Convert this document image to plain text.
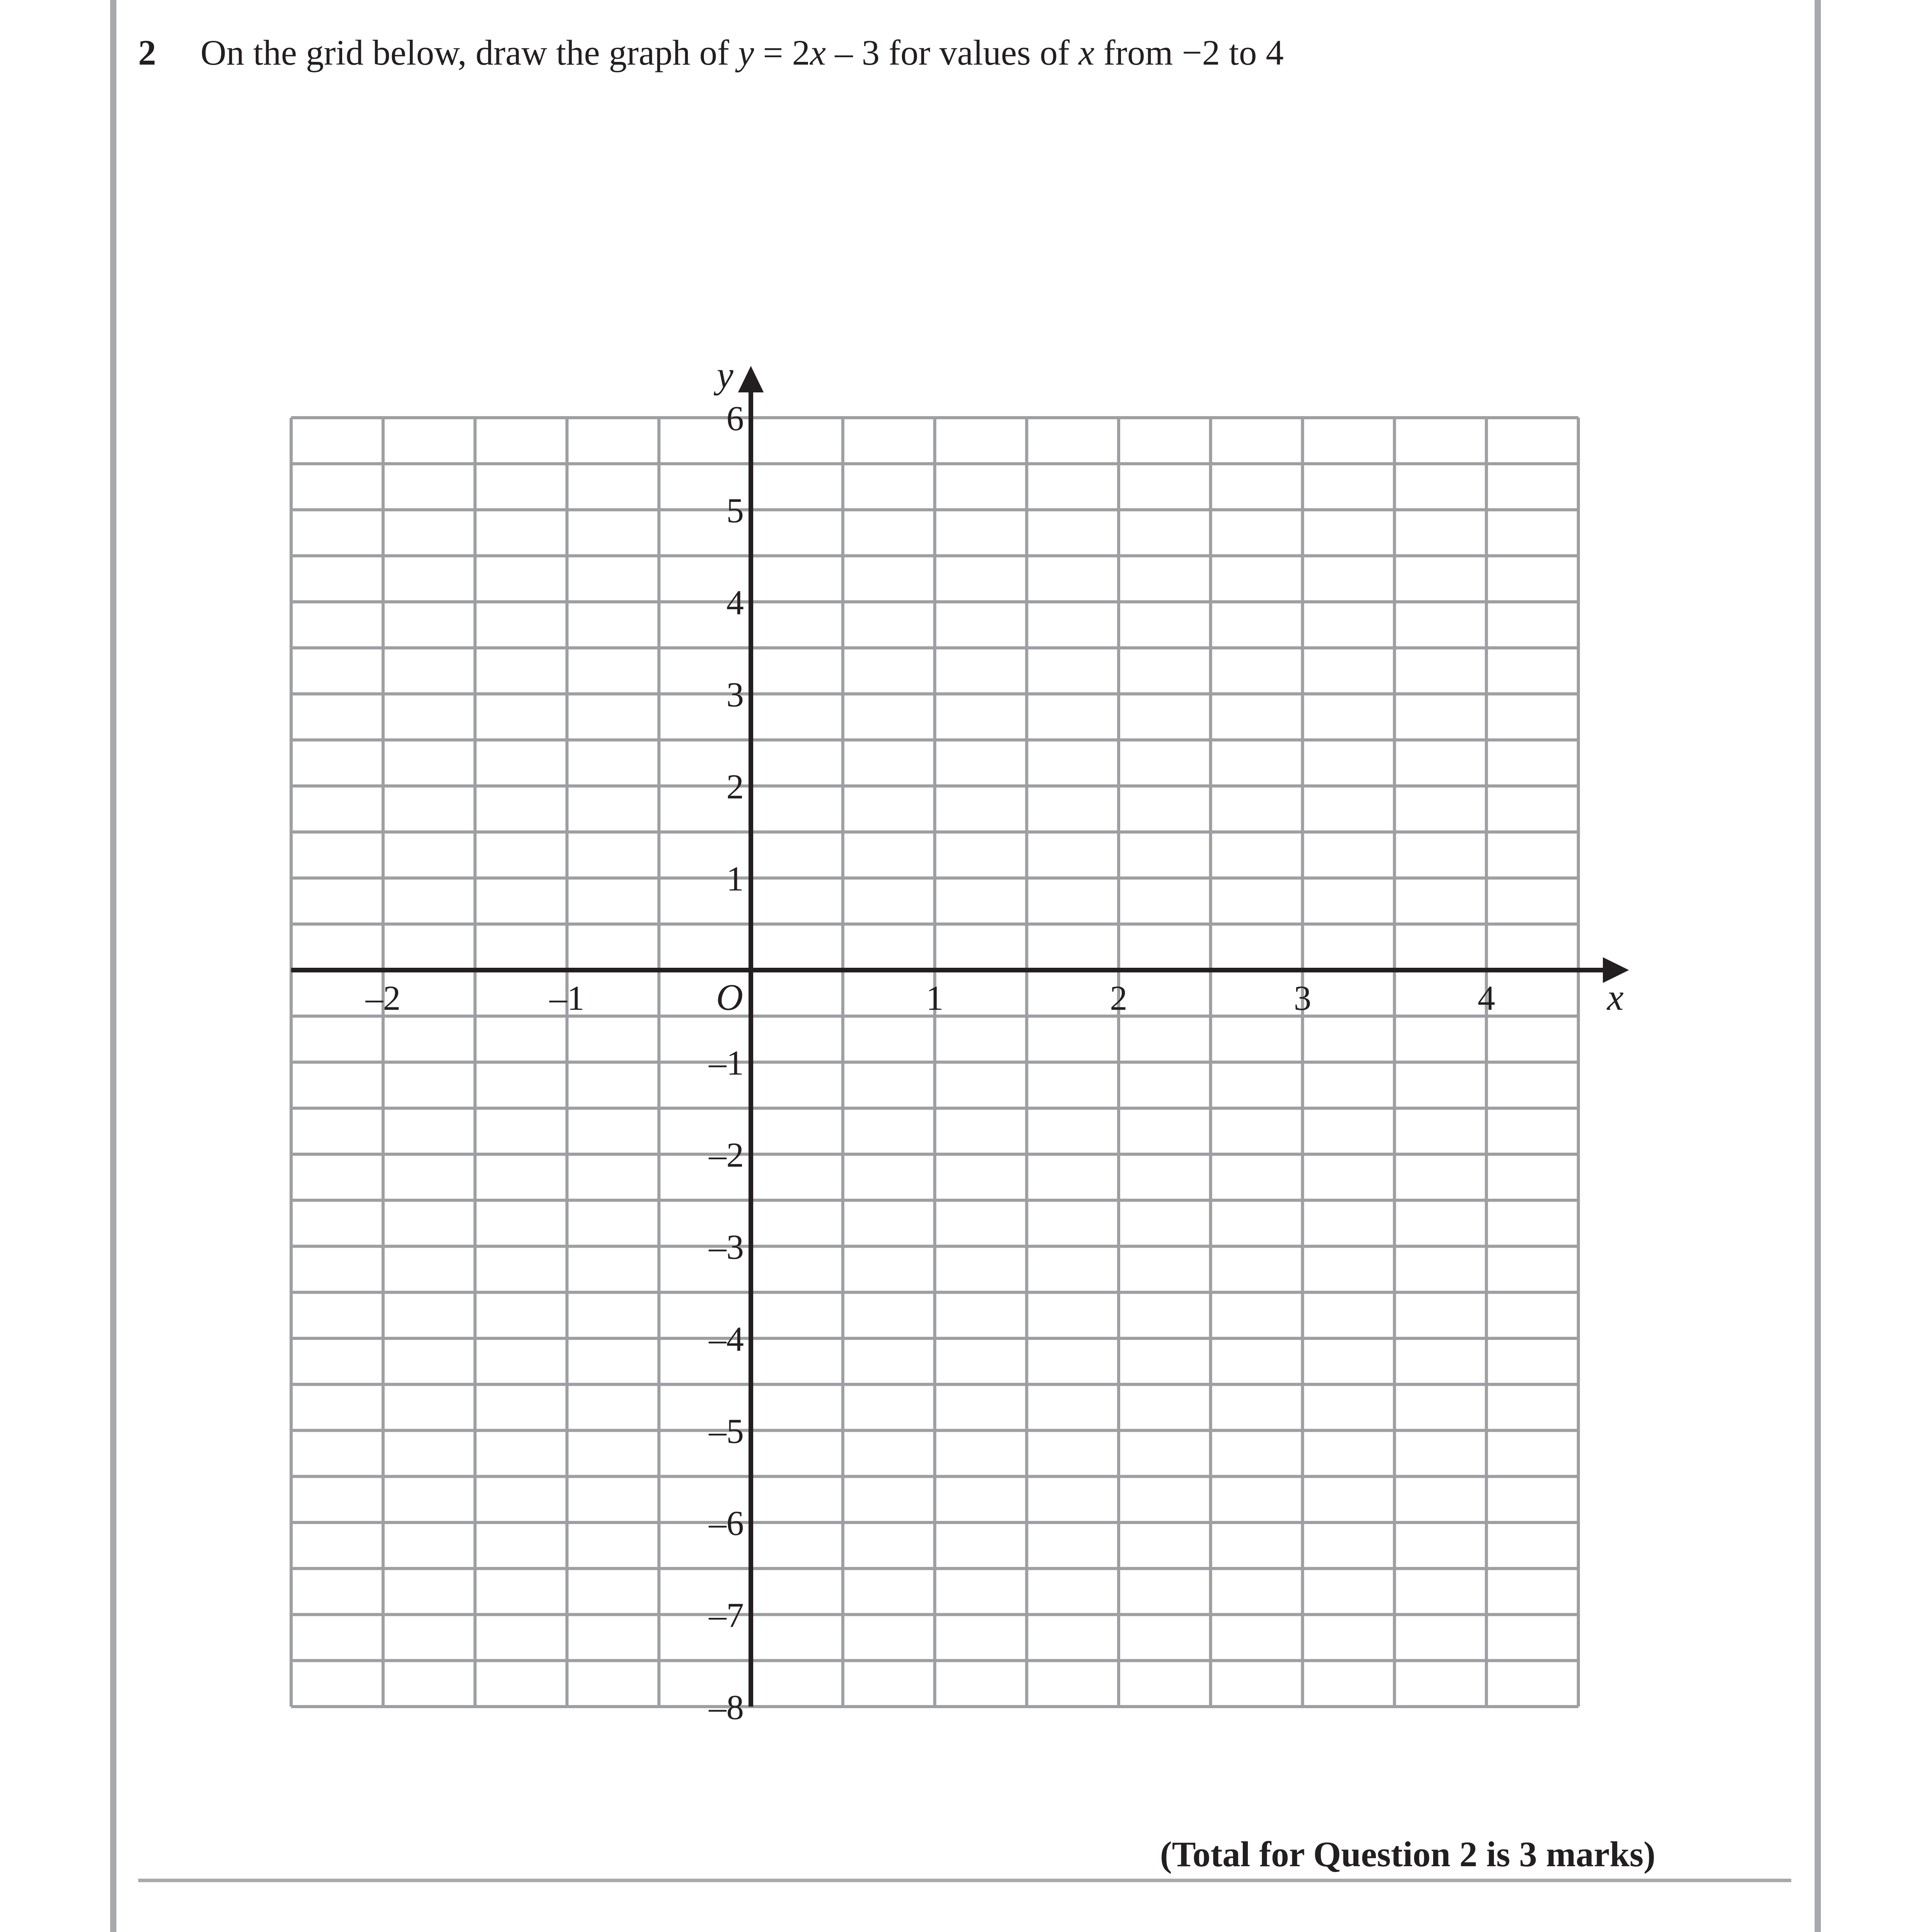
2	On the grid below, draw the graph of y = 2x – 3 for values of x from −2 to 4
–2	–1	1	2	3	4
6
5
4
3
2
1
–1
–2
–3
–4
–5
–6
–7
–8
O	x
y
(Total for Question 2 is 3 marks)
